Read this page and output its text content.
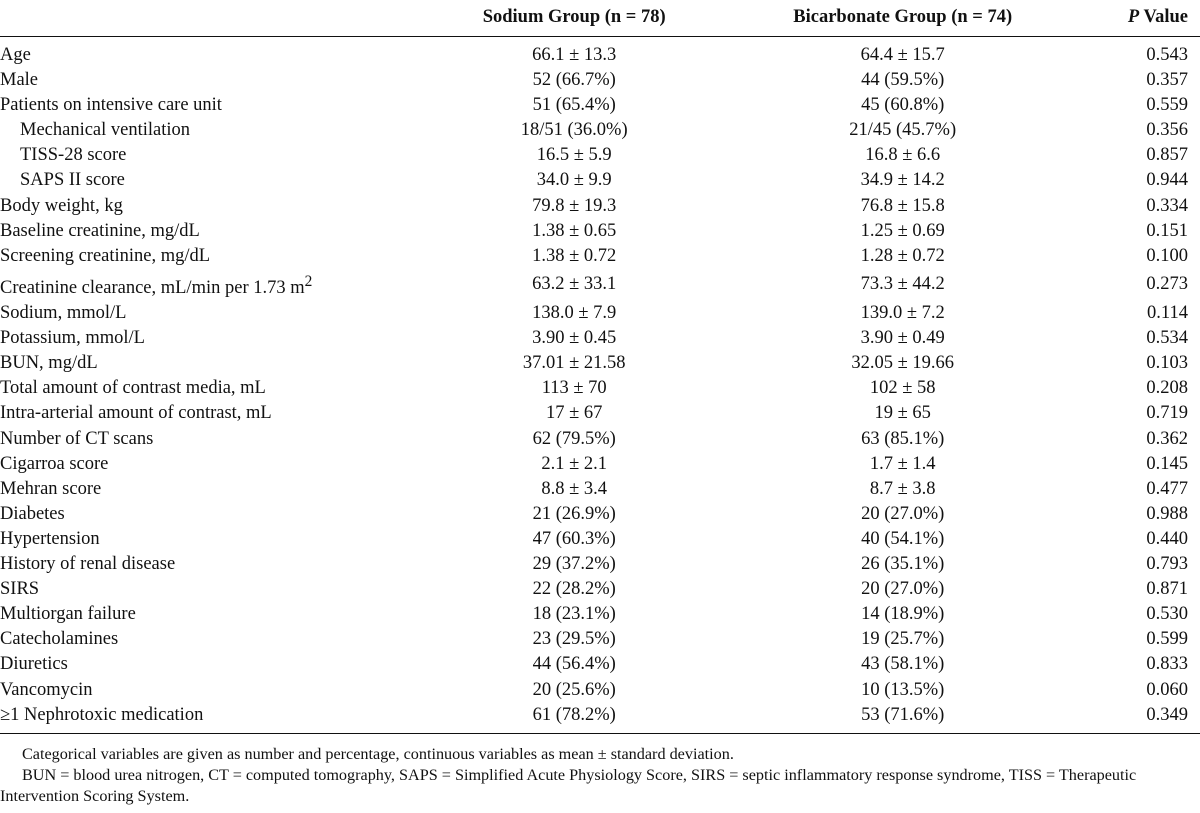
	Sodium Group (n = 78)	Bicarbonate Group (n = 74)	P Value
Age	66.1 ± 13.3	64.4 ± 15.7	0.543
Male	52 (66.7%)	44 (59.5%)	0.357
Patients on intensive care unit	51 (65.4%)	45 (60.8%)	0.559
Mechanical ventilation	18/51 (36.0%)	21/45 (45.7%)	0.356
TISS-28 score	16.5 ± 5.9	16.8 ± 6.6	0.857
SAPS II score	34.0 ± 9.9	34.9 ± 14.2	0.944
Body weight, kg	79.8 ± 19.3	76.8 ± 15.8	0.334
Baseline creatinine, mg/dL	1.38 ± 0.65	1.25 ± 0.69	0.151
Screening creatinine, mg/dL	1.38 ± 0.72	1.28 ± 0.72	0.100
Creatinine clearance, mL/min per 1.73 $m^2$	63.2 ± 33.1	73.3 ± 44.2	0.273
Sodium, mmol/L	138.0 ± 7.9	139.0 ± 7.2	0.114
Potassium, mmol/L	3.90 ± 0.45	3.90 ± 0.49	0.534
BUN, mg/dL	37.01 ± 21.58	32.05 ± 19.66	0.103
Total amount of contrast media, mL	113 ± 70	102 ± 58	0.208
Intra-arterial amount of contrast, mL	17 ± 67	19 ± 65	0.719
Number of CT scans	62 (79.5%)	63 (85.1%)	0.362
Cigarroa score	2.1 ± 2.1	1.7 ± 1.4	0.145
Mehran score	8.8 ± 3.4	8.7 ± 3.8	0.477
Diabetes	21 (26.9%)	20 (27.0%)	0.988
Hypertension	47 (60.3%)	40 (54.1%)	0.440
History of renal disease	29 (37.2%)	26 (35.1%)	0.793
SIRS	22 (28.2%)	20 (27.0%)	0.871
Multiorgan failure	18 (23.1%)	14 (18.9%)	0.530
Catecholamines	23 (29.5%)	19 (25.7%)	0.599
Diuretics	44 (56.4%)	43 (58.1%)	0.833
Vancomycin	20 (25.6%)	10 (13.5%)	0.060
≥1 Nephrotoxic medication	61 (78.2%)	53 (71.6%)	0.349

Categorical variables are given as number and percentage, continuous variables as mean ± standard deviation.

BUN = blood urea nitrogen, CT = computed tomography, SAPS = Simplified Acute Physiology Score, SIRS = septic inflammatory response syndrome, TISS = Therapeutic Intervention Scoring System.
